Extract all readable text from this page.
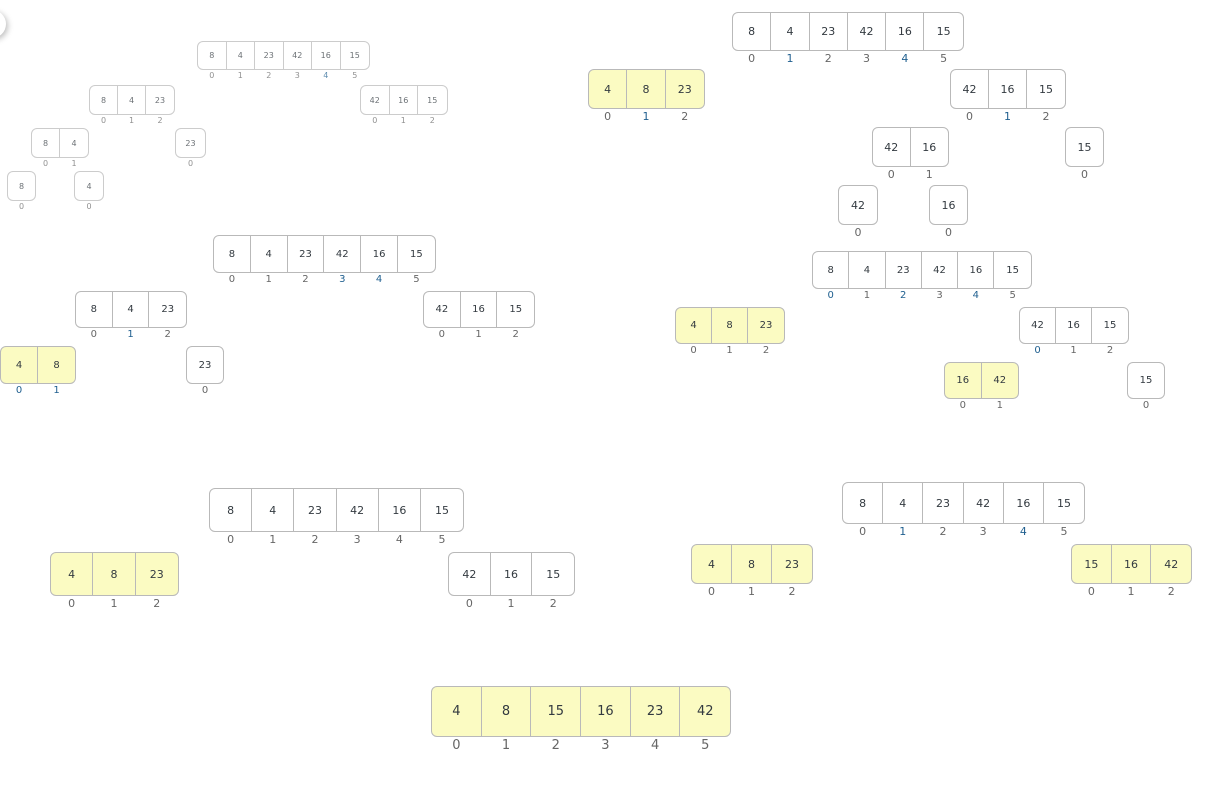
8
0
4
1
23
2
42
3
16
4
15
5
8
0
4
1
23
2
42
0
16
1
15
2
8
0
4
1
23
0
8
0
4
0
8
0
4
1
23
2
42
3
16
4
15
5
8
0
4
1
23
2
42
0
16
1
15
2
4
0
8
1
23
0
8
0
4
1
23
2
42
3
16
4
15
5
4
0
8
1
23
2
42
0
16
1
15
2
8
0
4
1
23
2
42
3
16
4
15
5
4
0
8
1
23
2
42
0
16
1
15
2
42
0
16
1
15
0
42
0
16
0
8
0
4
1
23
2
42
3
16
4
15
5
4
0
8
1
23
2
42
0
16
1
15
2
16
0
42
1
15
0
8
0
4
1
23
2
42
3
16
4
15
5
4
0
8
1
23
2
15
0
16
1
42
2
4
0
8
1
15
2
16
3
23
4
42
5
